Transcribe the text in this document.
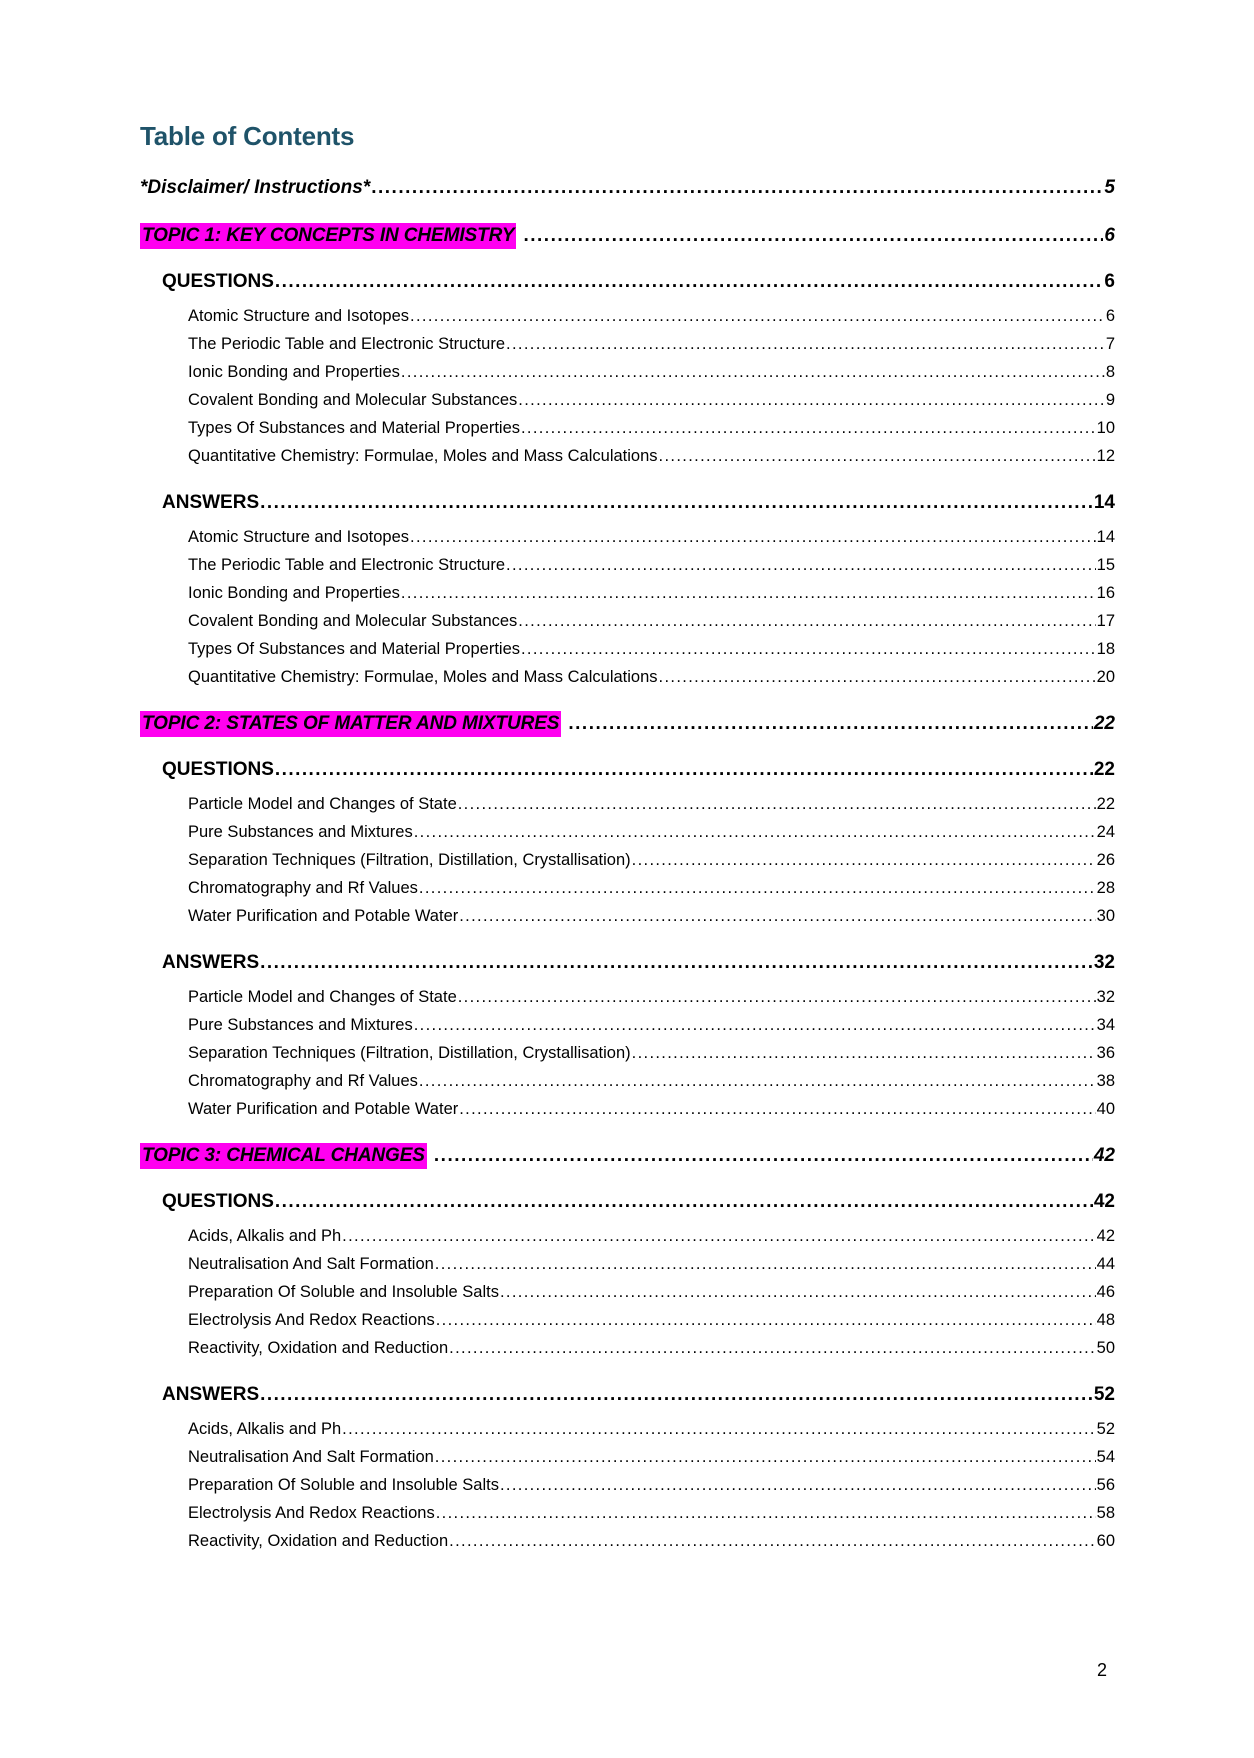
Table of Contents
*Disclaimer/ Instructions* .....	5
TOPIC 1: KEY CONCEPTS IN CHEMISTRY .....	6
QUESTIONS .....	6
Atomic Structure and Isotopes .....	6
The Periodic Table and Electronic Structure .....	7
Ionic Bonding and Properties .....	8
Covalent Bonding and Molecular Substances .....	9
Types Of Substances and Material Properties .....	10
Quantitative Chemistry: Formulae, Moles and Mass Calculations .....	12
ANSWERS .....	14
Atomic Structure and Isotopes .....	14
The Periodic Table and Electronic Structure .....	15
Ionic Bonding and Properties .....	16
Covalent Bonding and Molecular Substances .....	17
Types Of Substances and Material Properties .....	18
Quantitative Chemistry: Formulae, Moles and Mass Calculations .....	20
TOPIC 2: STATES OF MATTER AND MIXTURES .....	22
QUESTIONS .....	22
Particle Model and Changes of State .....	22
Pure Substances and Mixtures .....	24
Separation Techniques (Filtration, Distillation, Crystallisation) .....	26
Chromatography and Rf Values .....	28
Water Purification and Potable Water .....	30
ANSWERS .....	32
Particle Model and Changes of State .....	32
Pure Substances and Mixtures .....	34
Separation Techniques (Filtration, Distillation, Crystallisation) .....	36
Chromatography and Rf Values .....	38
Water Purification and Potable Water .....	40
TOPIC 3: CHEMICAL CHANGES .....	42
QUESTIONS .....	42
Acids, Alkalis and Ph .....	42
Neutralisation And Salt Formation .....	44
Preparation Of Soluble and Insoluble Salts .....	46
Electrolysis And Redox Reactions .....	48
Reactivity, Oxidation and Reduction .....	50
ANSWERS .....	52
Acids, Alkalis and Ph .....	52
Neutralisation And Salt Formation .....	54
Preparation Of Soluble and Insoluble Salts .....	56
Electrolysis And Redox Reactions .....	58
Reactivity, Oxidation and Reduction .....	60
2
